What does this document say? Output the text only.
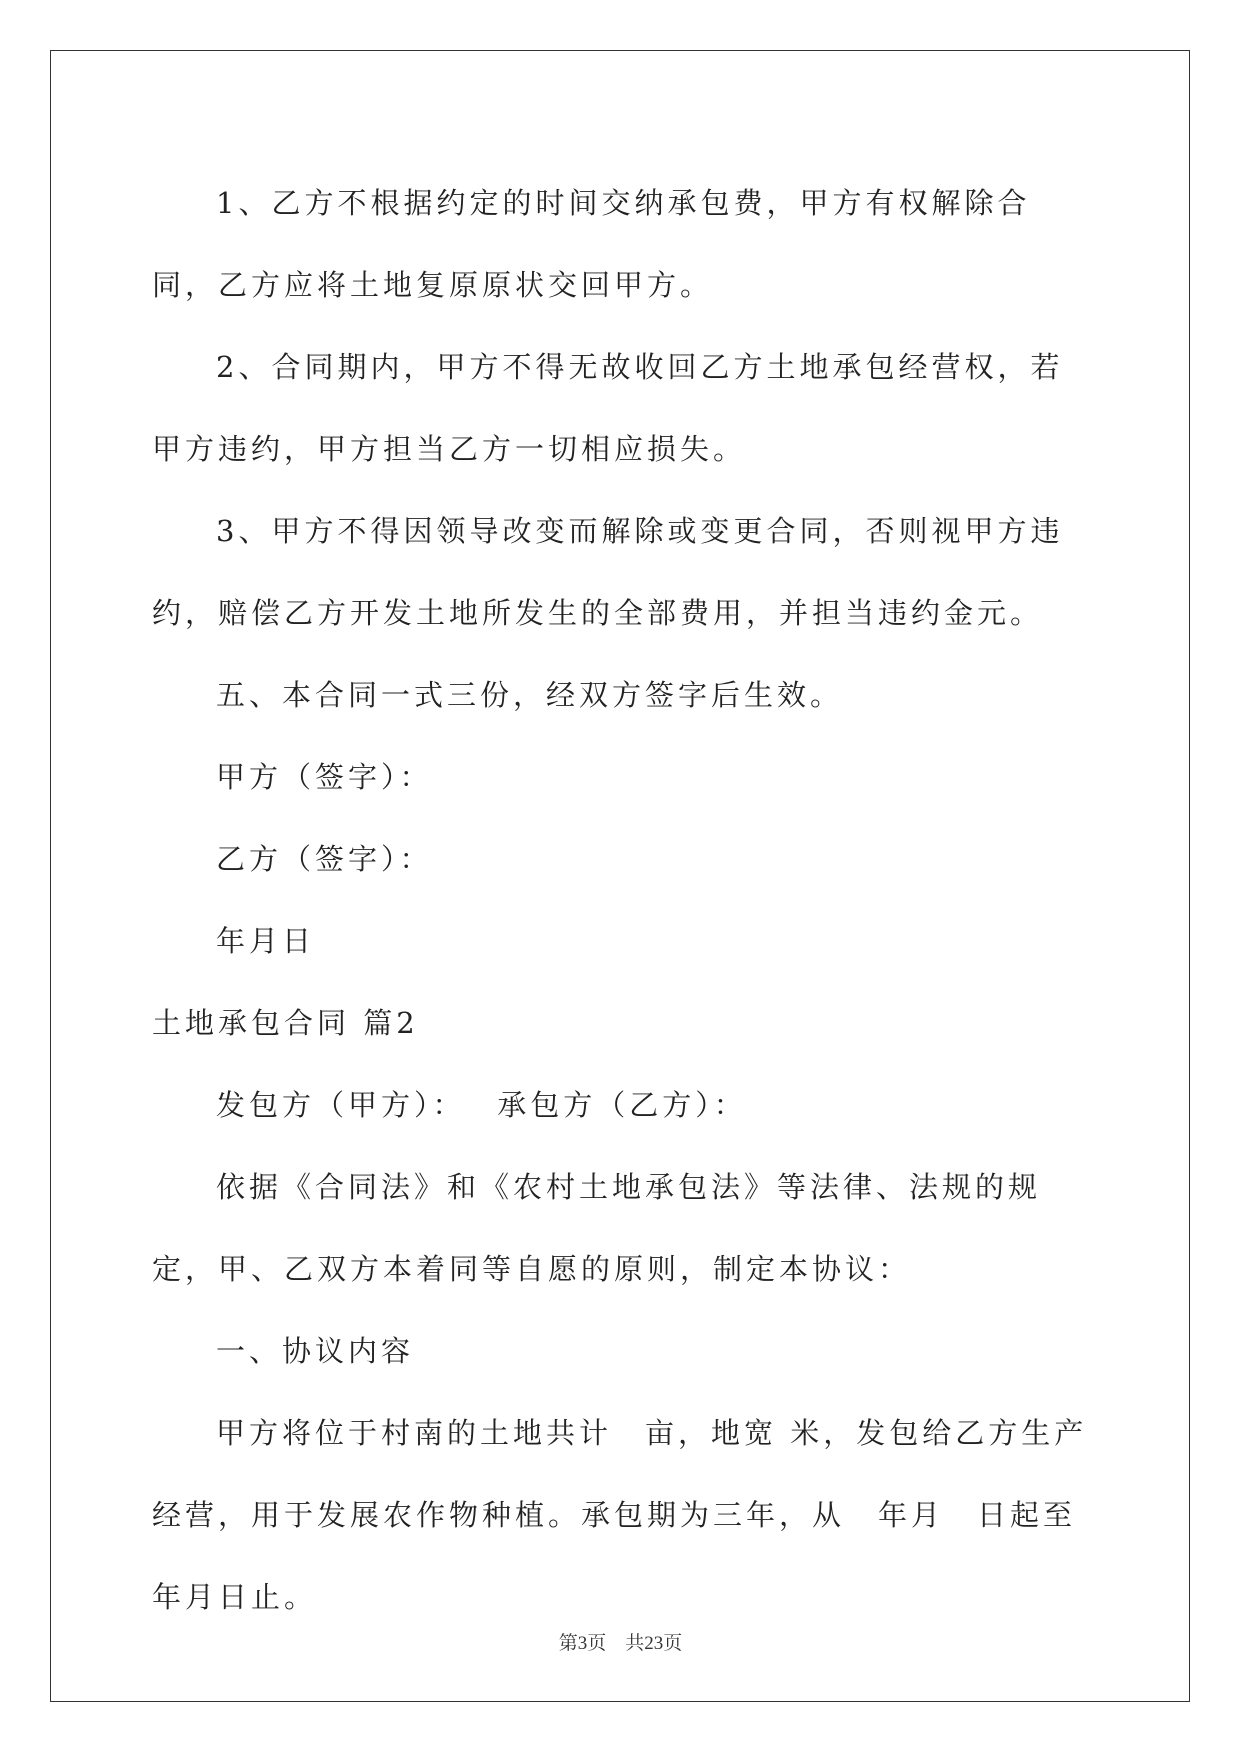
1、乙方不根据约定的时间交纳承包费，甲方有权解除合同，乙方应将土地复原原状交回甲方。

2、合同期内，甲方不得无故收回乙方土地承包经营权，若甲方违约，甲方担当乙方一切相应损失。

3、甲方不得因领导改变而解除或变更合同，否则视甲方违约，赔偿乙方开发土地所发生的全部费用，并担当违约金元。

五、本合同一式三份，经双方签字后生效。

甲方（签字）：

乙方（签字）：

年月日

土地承包合同 篇2

发包方（甲方）：　 承包方（乙方）：

依据《合同法》和《农村土地承包法》等法律、法规的规定，甲、乙双方本着同等自愿的原则，制定本协议：

一、协议内容

甲方将位于村南的土地共计　亩，地宽 米，发包给乙方生产经营，用于发展农作物种植。承包期为三年，从　年月　日起至年月日止。

第3页　共23页
